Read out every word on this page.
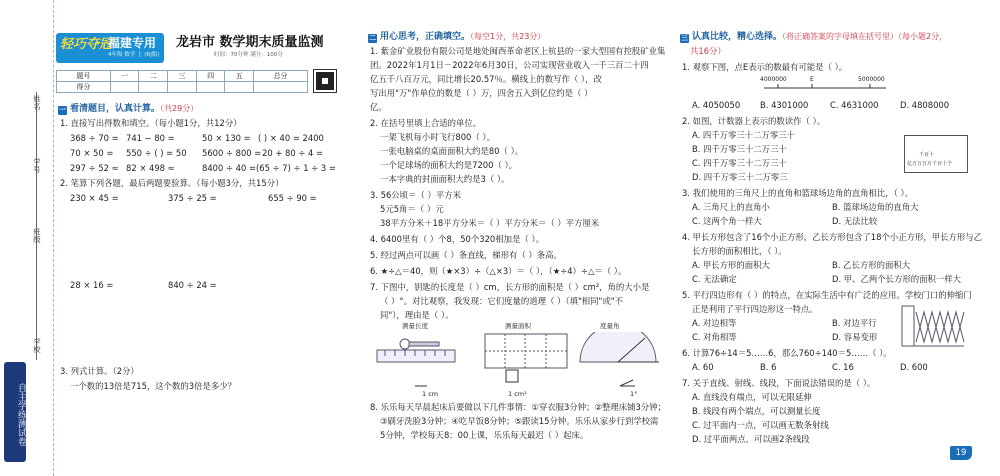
姓名
学号
班级
学校
自主学练测试卷
轻巧夺冠
福建专用
4年级 数学 上 (RJ版)
龙岩市 数学期末质量监测
时间：70分钟 满分：100分
题号	一	二	三	四	五	总分
得分						
一 看清题目，认真计算。（共29分）
1. 直接写出得数和填空。（每小题1分，共12分）
368 ÷ 70 = 741 − 80 =	50 × 130 = ( ) × 40 = 2400
70 × 50 = 550 ÷ ( ) = 50 5600 ÷ 800 = 20 + 80 ÷ 4 =
297 ÷ 52 ≈ 82 × 498 ≈	8400 ÷ 40 = (65 ÷ 7) ÷ 1 ÷ 3 =
2. 笔算下列各题，最后两题要验算。（每小题3分，共15分）
230 × 45 =	375 ÷ 25 =	655 ÷ 90 =
28 × 16 =	840 ÷ 24 =
3. 列式计算。（2分）
一个数的13倍是715，这个数的3倍是多少？
二 用心思考，正确填空。（每空1分，共23分）
1. 紫金矿业股份有限公司是地处闽西革命老区上杭县的一家大型国有控股矿业集
团。2022年1月1日－2022年6月30日，公司实现营业收入一千三百二十四
亿五千八百万元，同比增长20.57％。横线上的数写作（ ），改
写出用"万"作单位的数是（ ）万，四舍五入到亿位约是（ ）
亿。
2. 在括号里填上合适的单位。
一架飞机每小时飞行800（ ）。
一张电脑桌的桌面面积大约是80（ ）。
一个足球场的面积大约是7200（ ）。
一本字典的封面面积大约是3（ ）。
3. 56公顷＝（ ）平方米
5元5角＝（ ）元
38平方分米＋18平方分米＝（ ）平方分米＝（ ）平方厘米
4. 6400里有（ ）个8，50个320相加是（ ）。
5. 经过两点可以画（ ）条直线，梯形有（ ）条高。
6. ★÷△＝40，则（★×3）÷（△×3）＝（ ），（★÷4）÷△＝（ ）。
7. 下图中，钥匙的长度是（ ）cm，长方形的面积是（ ）cm²，角的大小是
（ ）°。对比观察，我发现：它们度量的道理（ ）（填"相同"或"不
同"），理由是（ ）。
测量长度	测量面积	度量角
1 cm	1 cm²	1°
8. 乐乐每天早晨起床后要做以下几件事情：①穿衣服3分钟；②整理床铺3分钟；
③刷牙洗脸3分钟；④吃早饭8分钟；⑤跟读15分钟。乐乐从家步行到学校需
5分钟，学校每天8：00上课，乐乐每天最迟（ ）起床。
三 认真比较，精心选择。（将正确答案的字母填在括号里）（每小题2分，
共16分）
1. 观察下图，点E表示的数最有可能是（ ）。
4000000	E	5000000
A. 4050050 B. 4301000	C. 4631000	D. 4808000
2. 如图，计数器上表示的数读作（ ）。
A. 四千万零三十二万零三十
B. 四千万零三十二万三十
C. 四千万零三十二万三十
D. 四千万零三十二万零三
千百十
亿万万万万千百十个
3. 我们使用的三角尺上的直角和篮球场边角的直角相比，（ ）。
A. 三角尺上的直角小	B. 篮球场边角的直角大
C. 这两个角一样大	D. 无法比较
4. 甲长方形包含了16个小正方形，乙长方形包含了18个小正方形，甲长方形与乙
长方形的面积相比，（ ）。
A. 甲长方形的面积大	B. 乙长方形的面积大
C. 无法确定	D. 甲、乙两个长方形的面积一样大
5. 平行四边形有（ ）的特点，在实际生活中有广泛的应用。学校门口的伸缩门
正是利用了平行四边形这一特点。
A. 对边相等	B. 对边平行
C. 对角相等	D. 容易变形
6. 计算76÷14＝5……6，那么760÷140＝5……（ ）。
A. 60	B. 6	C. 16	D. 600
7. 关于直线、射线、线段，下面说法错误的是（ ）。
A. 直线没有端点，可以无限延伸
B. 线段有两个端点，可以测量长度
C. 过平面内一点，可以画无数条射线
D. 过平面两点，可以画2条线段
19
